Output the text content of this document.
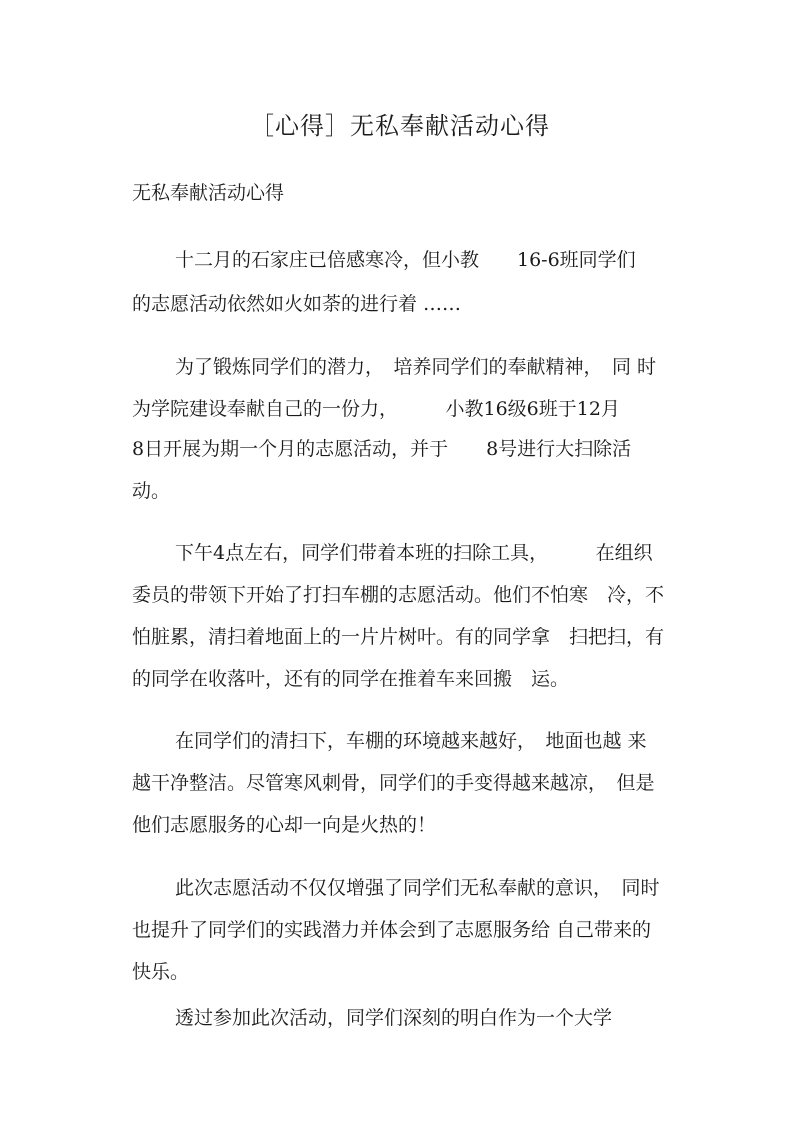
［心得］无私奉献活动心得
无私奉献活动心得
十二月的石家庄已倍感寒冷，但小教　　16-6班同学们
的志愿活动依然如火如荼的进行着 ……
为了锻炼同学们的潜力，　培养同学们的奉献精神，　同 时
为学院建设奉献自己的一份力，　　　小教16级6班于12月
8日开展为期一个月的志愿活动，并于　　8号进行大扫除活
动。
下午4点左右，同学们带着本班的扫除工具，　　　在组织
委员的带领下开始了打扫车棚的志愿活动。他们不怕寒　冷，不
怕脏累，清扫着地面上的一片片树叶。有的同学拿　扫把扫，有
的同学在收落叶，还有的同学在推着车来回搬　运。
在同学们的清扫下，车棚的环境越来越好，　地面也越 来
越干净整洁。尽管寒风刺骨，同学们的手变得越来越凉，　但是
他们志愿服务的心却一向是火热的！
此次志愿活动不仅仅增强了同学们无私奉献的意识，　同时
也提升了同学们的实践潜力并体会到了志愿服务给 自己带来的
快乐。
透过参加此次活动，同学们深刻的明白作为一个大学
